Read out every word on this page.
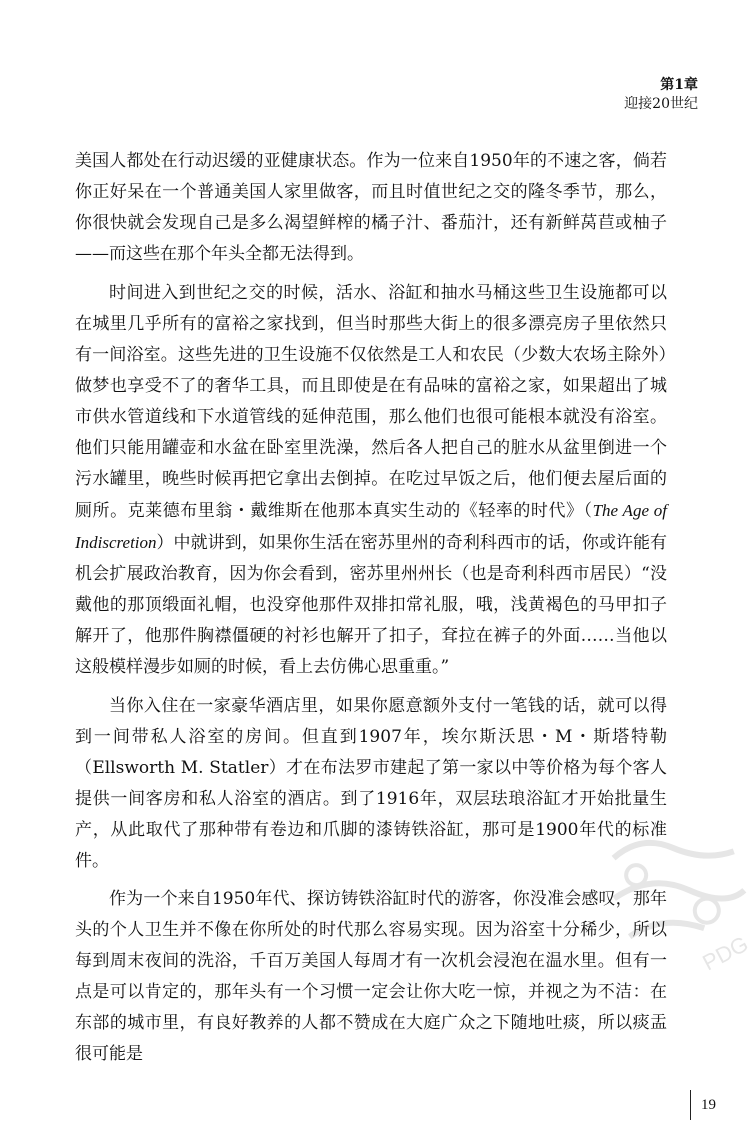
第1章
迎接20世纪

美国人都处在行动迟缓的亚健康状态。作为一位来自1950年的不速之客，倘若你正好呆在一个普通美国人家里做客，而且时值世纪之交的隆冬季节，那么，你很快就会发现自己是多么渴望鲜榨的橘子汁、番茄汁，还有新鲜莴苣或柚子——而这些在那个年头全都无法得到。

时间进入到世纪之交的时候，活水、浴缸和抽水马桶这些卫生设施都可以在城里几乎所有的富裕之家找到，但当时那些大街上的很多漂亮房子里依然只有一间浴室。这些先进的卫生设施不仅依然是工人和农民（少数大农场主除外）做梦也享受不了的奢华工具，而且即使是在有品味的富裕之家，如果超出了城市供水管道线和下水道管线的延伸范围，那么他们也很可能根本就没有浴室。他们只能用罐壶和水盆在卧室里洗澡，然后各人把自己的脏水从盆里倒进一个污水罐里，晚些时候再把它拿出去倒掉。在吃过早饭之后，他们便去屋后面的厕所。克莱德布里翁・戴维斯在他那本真实生动的《轻率的时代》（The Age of Indiscretion）中就讲到，如果你生活在密苏里州的奇利科西市的话，你或许能有机会扩展政治教育，因为你会看到，密苏里州州长（也是奇利科西市居民）“没戴他的那顶缎面礼帽，也没穿他那件双排扣常礼服，哦，浅黄褐色的马甲扣子解开了，他那件胸襟僵硬的衬衫也解开了扣子，耷拉在裤子的外面……当他以这般模样漫步如厕的时候，看上去仿佛心思重重。”

当你入住在一家豪华酒店里，如果你愿意额外支付一笔钱的话，就可以得到一间带私人浴室的房间。但直到1907年，埃尔斯沃思・M・斯塔特勒（Ellsworth M. Statler）才在布法罗市建起了第一家以中等价格为每个客人提供一间客房和私人浴室的酒店。到了1916年，双层珐琅浴缸才开始批量生产，从此取代了那种带有卷边和爪脚的漆铸铁浴缸，那可是1900年代的标准件。

作为一个来自1950年代、探访铸铁浴缸时代的游客，你没准会感叹，那年头的个人卫生并不像在你所处的时代那么容易实现。因为浴室十分稀少，所以每到周末夜间的洗浴，千百万美国人每周才有一次机会浸泡在温水里。但有一点是可以肯定的，那年头有一个习惯一定会让你大吃一惊，并视之为不洁：在东部的城市里，有良好教养的人都不赞成在大庭广众之下随地吐痰，所以痰盂很可能是

PDG
19
